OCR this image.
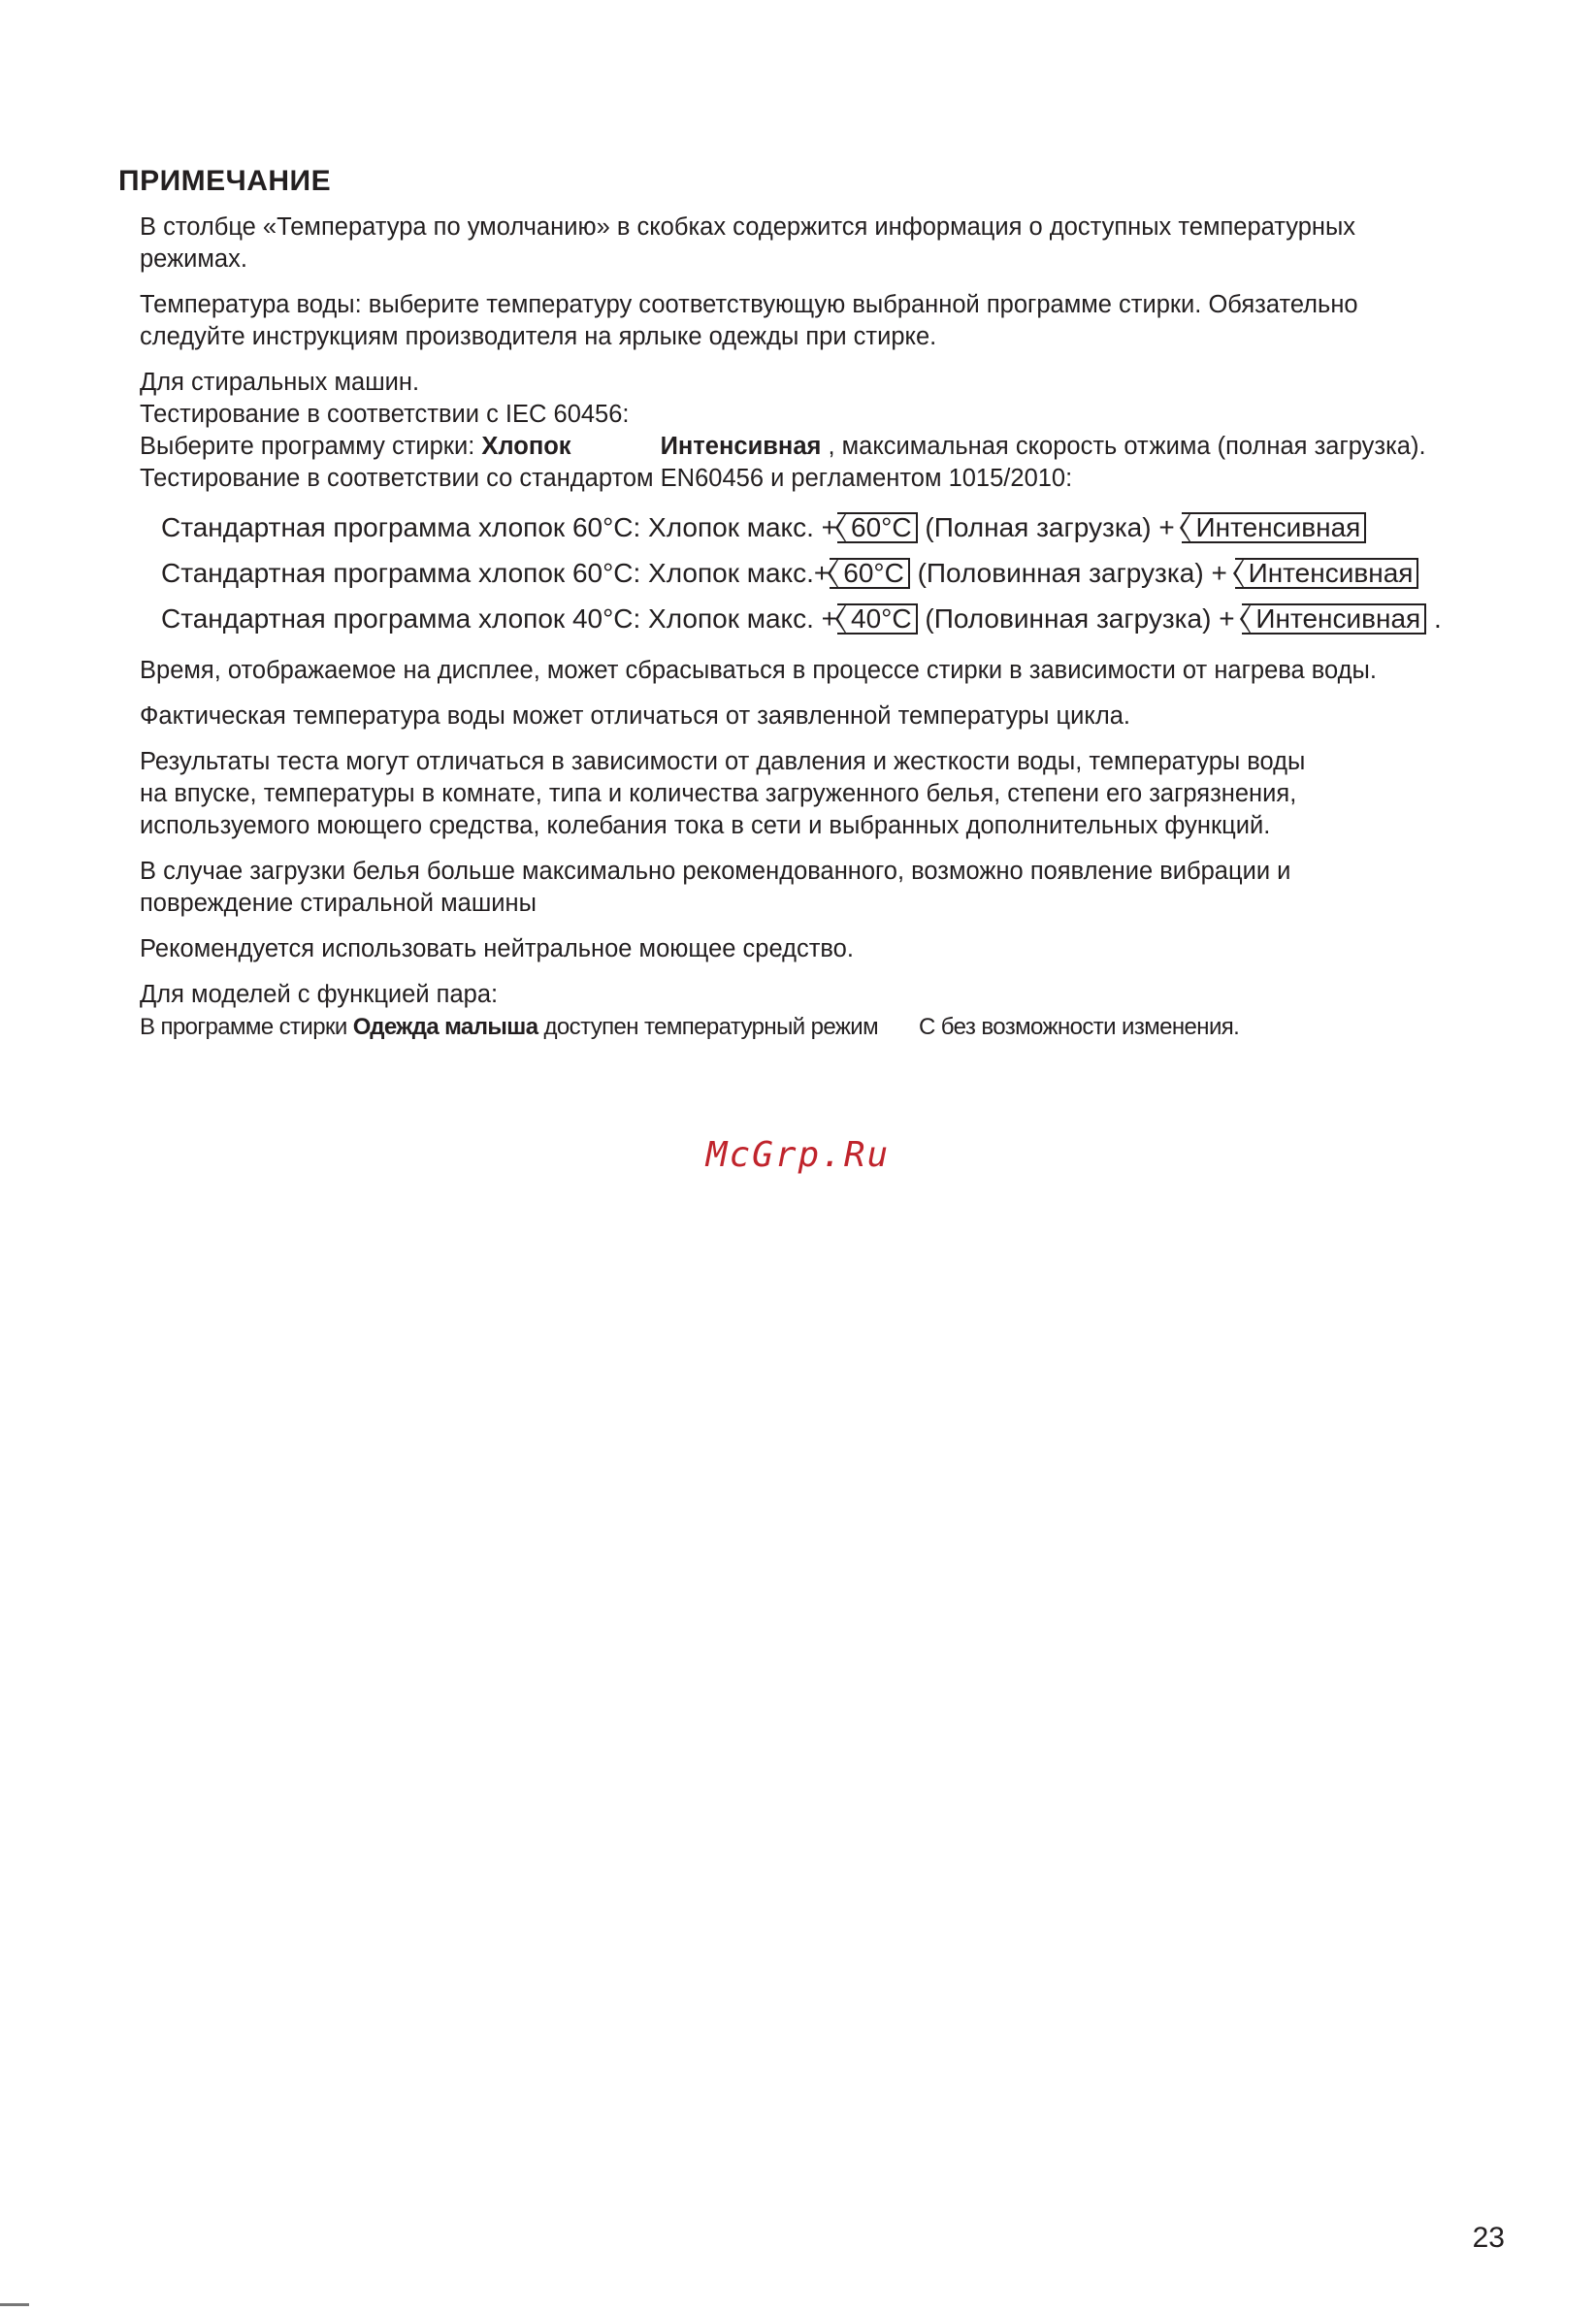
ПРИМЕЧАНИЕ

В столбце «Температура по умолчанию» в скобках содержится информация о доступных температурных
режимах.

Температура воды: выберите температуру соответствующую выбранной программе стирки. Обязательно
следуйте инструкциям производителя на ярлыке одежды при стирке.

Для стиральных машин.
Тестирование в соответствии с IEC 60456:
Выберите программу стирки: Хлопок	Интенсивная , максимальная скорость отжима (полная загрузка).
Тестирование в соответствии со стандартом EN60456 и регламентом 1015/2010:

Стандартная программа хлопок 60°C: Хлопок макс. + 60°C (Полная загрузка) + Интенсивная
Стандартная программа хлопок 60°C: Хлопок макс.+ 60°C (Половинная загрузка) + Интенсивная
Стандартная программа хлопок 40°C: Хлопок макс. + 40°C (Половинная загрузка) + Интенсивная .

Время, отображаемое на дисплее, может сбрасываться в процессе стирки в зависимости от нагрева воды.

Фактическая температура воды может отличаться от заявленной температуры цикла.

Результаты теста могут отличаться в зависимости от давления и жесткости воды, температуры воды
на впуске, температуры в комнате, типа и количества загруженного белья, степени его загрязнения,
используемого моющего средства, колебания тока в сети и выбранных дополнительных функций.

В случае загрузки белья больше максимально рекомендованного, возможно появление вибрации и
повреждение стиральной машины

Рекомендуется использовать нейтральное моющее средство.

Для моделей с функцией пара:
В программе стирки Одежда малыша доступен температурный режим С без возможности изменения.

McGrp.Ru
23
